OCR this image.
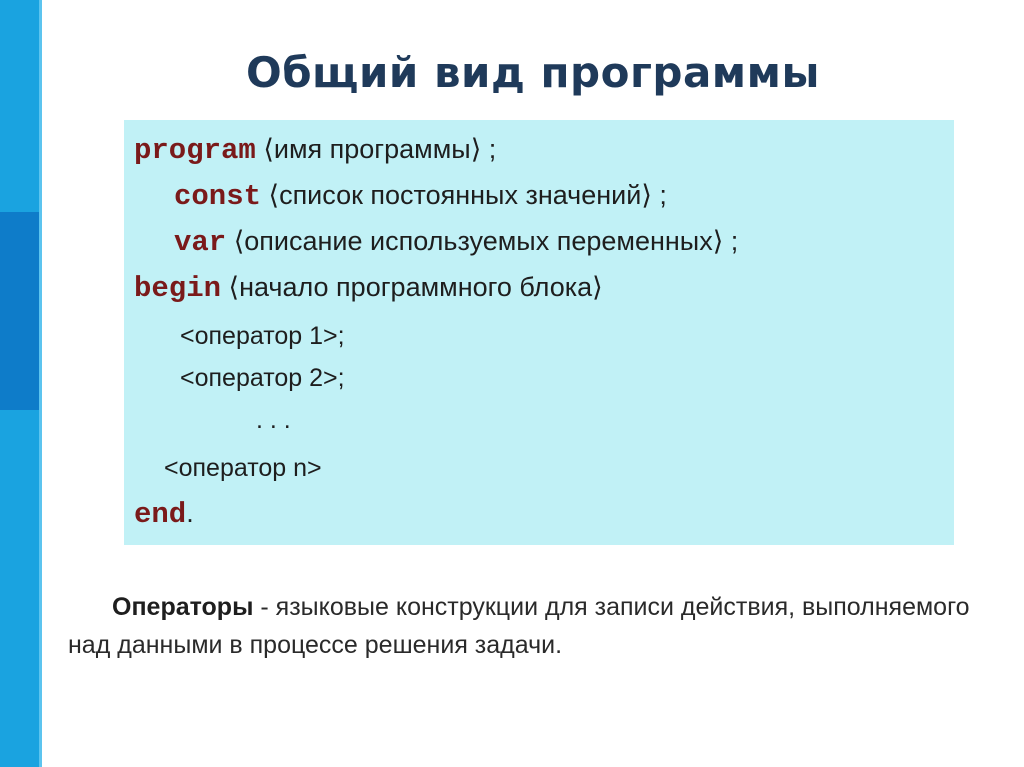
Общий вид программы
program ⟨имя программы⟩ ;
const ⟨список постоянных значений⟩ ;
var ⟨описание используемых переменных⟩ ;
begin ⟨начало программного блока⟩
<оператор 1>;
<оператор 2>;
. . .
<оператор n>
end.
Операторы - языковые конструкции для записи действия, выполняемого над данными в процессе решения задачи.
